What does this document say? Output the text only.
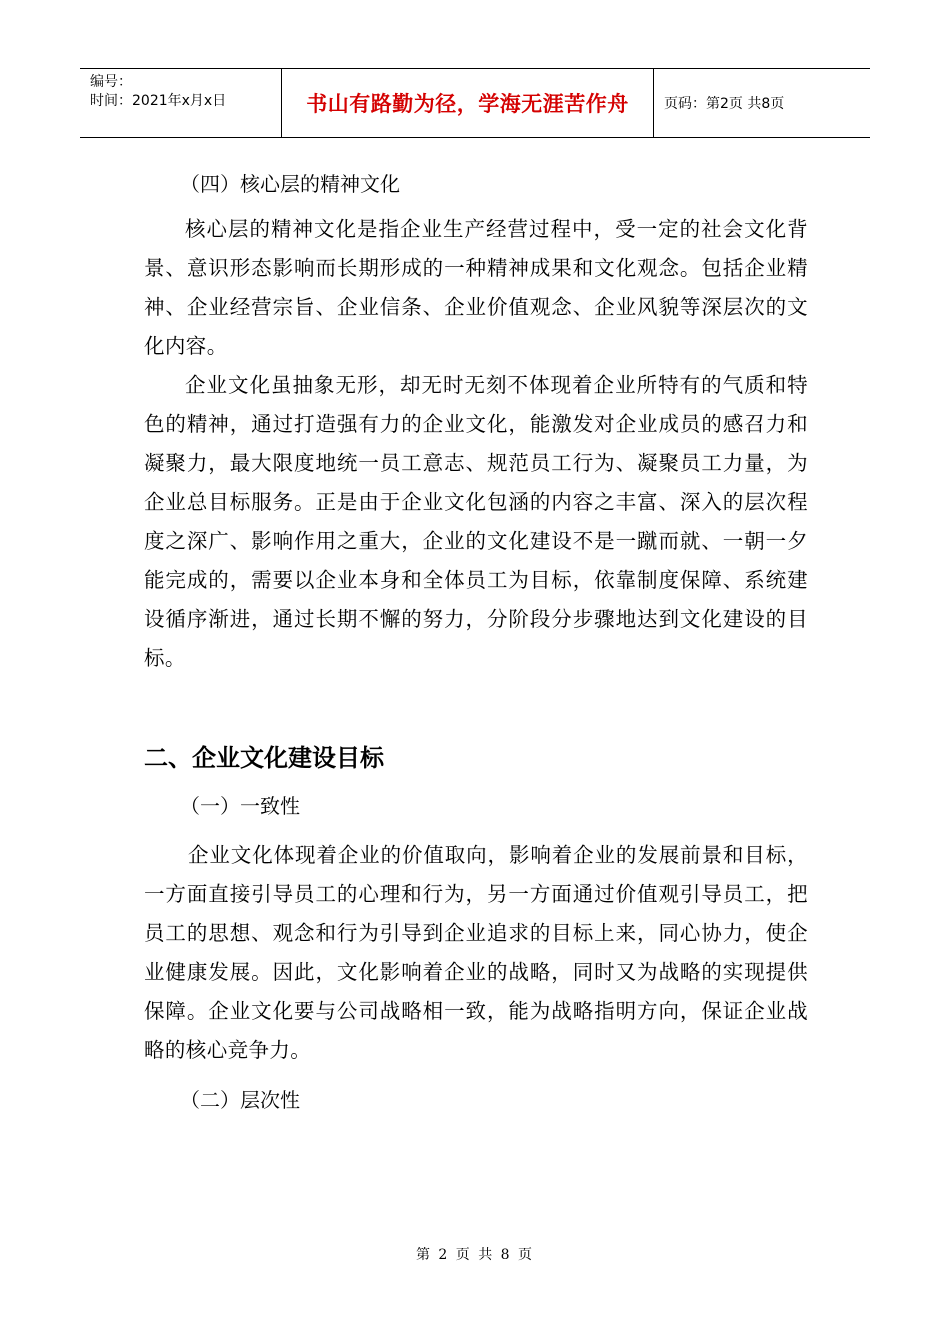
编号：
时间：2021年x月x日	书山有路勤为径，学海无涯苦作舟	页码：第2页 共8页

（四）核心层的精神文化

核心层的精神文化是指企业生产经营过程中，受一定的社会文化背景、意识形态影响而长期形成的一种精神成果和文化观念。包括企业精神、企业经营宗旨、企业信条、企业价值观念、企业风貌等深层次的文化内容。

企业文化虽抽象无形，却无时无刻不体现着企业所特有的气质和特色的精神，通过打造强有力的企业文化，能激发对企业成员的感召力和凝聚力，最大限度地统一员工意志、规范员工行为、凝聚员工力量，为企业总目标服务。正是由于企业文化包涵的内容之丰富、深入的层次程度之深广、影响作用之重大，企业的文化建设不是一蹴而就、一朝一夕能完成的，需要以企业本身和全体员工为目标，依靠制度保障、系统建设循序渐进，通过长期不懈的努力，分阶段分步骤地达到文化建设的目标。

二、企业文化建设目标

（一）一致性

企业文化体现着企业的价值取向，影响着企业的发展前景和目标，一方面直接引导员工的心理和行为，另一方面通过价值观引导员工，把员工的思想、观念和行为引导到企业追求的目标上来，同心协力，使企业健康发展。因此，文化影响着企业的战略，同时又为战略的实现提供保障。企业文化要与公司战略相一致，能为战略指明方向，保证企业战略的核心竞争力。

（二）层次性

第 2 页 共 8 页
